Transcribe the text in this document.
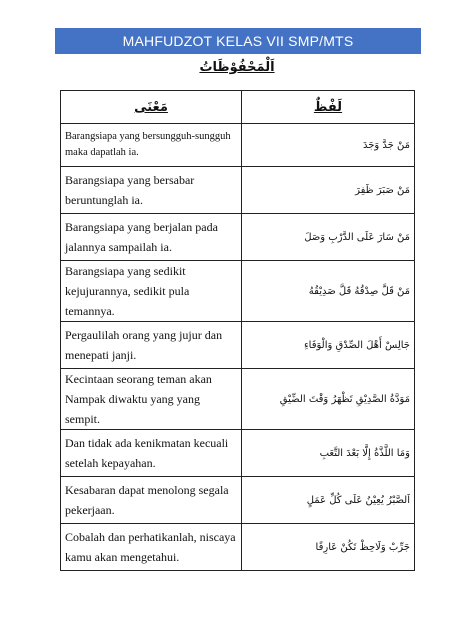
MAHFUDZOT KELAS VII SMP/MTS
اَلْمَحْفُوْظَاتُ
مَعْنَى	لَفْظٌ
Barangsiapa yang bersungguh-sungguh maka dapatlah ia.	مَنْ جَدَّ وَجَدَ
Barangsiapa yang bersabar beruntunglah ia.	مَنْ صَبَرَ ظَفِرَ
Barangsiapa yang berjalan pada jalannya sampailah ia.	مَنْ سَارَ عَلَى الدَّرْبِ وَصَلَ
Barangsiapa yang sedikit kejujurannya, sedikit pula temannya.	مَنْ قَلَّ صِدْقُهُ قَلَّ صَدِيْقُهُ
Pergaulilah orang yang jujur dan menepati janji.	جَالِسْ أَهْلَ الصِّدْقِ وَالْوَفَاءِ
Kecintaan seorang teman akan Nampak diwaktu yang yang sempit.	مَوَدَّةُ الصَّدِيْقِ تَظْهَرُ وَقْتَ الضِّيْقِ
Dan tidak ada kenikmatan kecuali setelah kepayahan.	وَمَا اللَّذَّةُ إِلَّا بَعْدَ التَّعَبِ
Kesabaran dapat menolong segala pekerjaan.	اَلصَّبْرُ يُعِيْنُ عَلَى كُلِّ عَمَلٍ
Cobalah dan perhatikanlah, niscaya kamu akan mengetahui.	جَرِّبْ وَلَاحِظْ تَكُنْ عَارِفًا
